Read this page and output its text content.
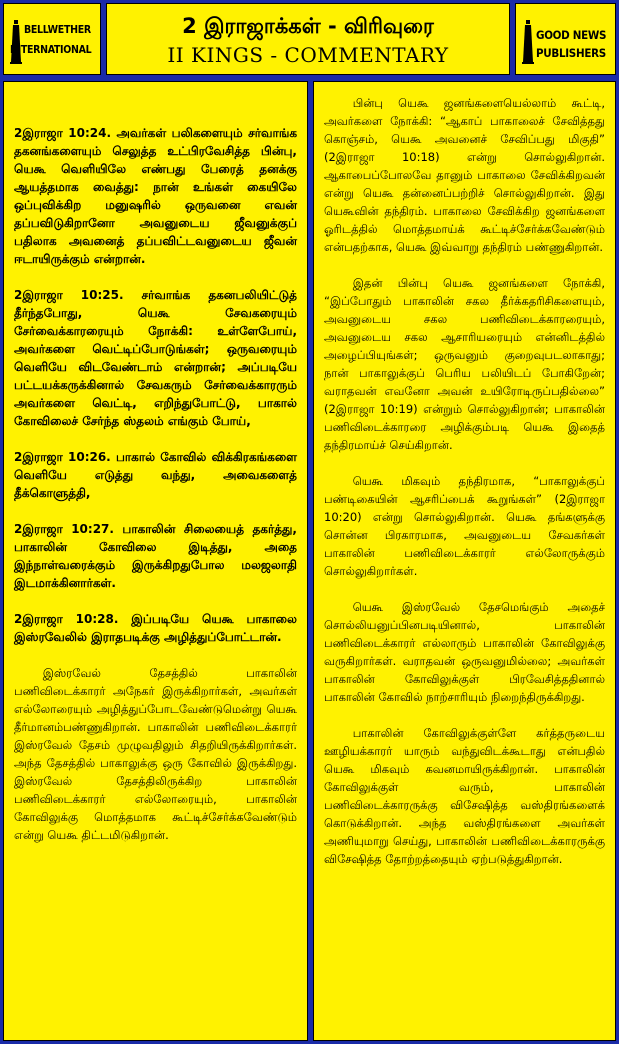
BELLWETHER
INTERNATIONAL
2 இராஜாக்கள் - விரிவுரை
II KINGS - COMMENTARY
GOOD NEWS
PUBLISHERS

2இராஜா 10:24. அவர்கள் பலிகளையும் சர்வாங்க தகனங்களையும் செலுத்த உட்பிரவேசித்த பின்பு, யெகூ வெளியிலே எண்பது பேரைத் தனக்கு ஆயத்தமாக வைத்து: நான் உங்கள் கையிலே ஒப்புவிக்கிற மனுஷரில் ஒருவனை எவன் தப்பவிடுகிறானோ அவனுடைய ஜீவனுக்குப் பதிலாக அவனைத் தப்பவிட்டவனுடைய ஜீவன் ஈடாயிருக்கும் என்றான்.

2இராஜா 10:25. சர்வாங்க தகனபலியிட்டுத் தீர்ந்தபோது, யெகூ சேவகரையும் சேர்வைக்காரரையும் நோக்கி: உள்ளேபோய், அவர்களை வெட்டிப்போடுங்கள்; ஒருவரையும் வெளியே விடவேண்டாம் என்றான்; அப்படியே பட்டயக்கருக்கினால் சேவகரும் சேர்வைக்காரரும் அவர்களை வெட்டி, எறிந்துபோட்டு, பாகால் கோவிலைச் சேர்ந்த ஸ்தலம் எங்கும் போய்,

2இராஜா 10:26. பாகால் கோவில் விக்கிரகங்களை வெளியே எடுத்து வந்து, அவைகளைத் தீக்கொளுத்தி,

2இராஜா 10:27. பாகாலின் சிலையைத் தகர்த்து, பாகாலின் கோவிலை இடித்து, அதை இந்நாள்வரைக்கும் இருக்கிறதுபோல மலஜலாதி இடமாக்கினார்கள்.

2இராஜா 10:28. இப்படியே யெகூ பாகாலை இஸ்ரவேலில் இராதபடிக்கு அழித்துப்போட்டான்.

இஸ்ரவேல் தேசத்தில் பாகாலின் பணிவிடைக்காரர் அநேகர் இருக்கிறார்கள், அவர்கள் எல்லோரையும் அழித்துப்போடவேண்டுமென்று யெகூ தீர்மானம்பண்ணுகிறான். பாகாலின் பணிவிடைக்காரர் இஸ்ரவேல் தேசம் முழுவதிலும் சிதறியிருக்கிறார்கள். அந்த தேசத்தில் பாகாலுக்கு ஒரு கோவில் இருக்கிறது. இஸ்ரவேல் தேசத்திலிருக்கிற பாகாலின் பணிவிடைக்காரர் எல்லோரையும், பாகாலின் கோவிலுக்கு மொத்தமாக கூட்டிச்சேர்க்கவேண்டும் என்று யெகூ திட்டமிடுகிறான்.

பின்பு யெகூ ஜனங்களையெல்லாம் கூட்டி, அவர்களை நோக்கி: “ஆகாப் பாகாலைச் சேவித்தது கொஞ்சம், யெகூ அவனைச் சேவிப்பது மிகுதி” (2இராஜா 10:18) என்று சொல்லுகிறான். ஆகாபைப்போலவே தானும் பாகாலை சேவிக்கிறவன் என்று யெகூ தன்னைப்பற்றிச் சொல்லுகிறான். இது யெகூவின் தந்திரம். பாகாலை சேவிக்கிற ஜனங்களை ஓரிடத்தில் மொத்தமாய்க் கூட்டிச்சேர்க்கவேண்டும் என்பதற்காக, யெகூ இவ்வாறு தந்திரம் பண்ணுகிறான்.

இதன் பின்பு யெகூ ஜனங்களை நோக்கி, “இப்போதும் பாகாலின் சகல தீர்க்கதரிசிகளையும், அவனுடைய சகல பணிவிடைக்காரரையும், அவனுடைய சகல ஆசாரியரையும் என்னிடத்தில் அழைப்பியுங்கள்; ஒருவனும் குறைவுபடலாகாது; நான் பாகாலுக்குப் பெரிய பலியிடப் போகிறேன்; வராதவன் எவனோ அவன் உயிரோடிருப்பதில்லை” (2இராஜா 10:19) என்றும் சொல்லுகிறான்; பாகாலின் பணிவிடைக்காரரை அழிக்கும்படி யெகூ இதைத் தந்திரமாய்ச் செய்கிறான்.

யெகூ மிகவும் தந்திரமாக, “பாகாலுக்குப் பண்டிகையின் ஆசரிப்பைக் கூறுங்கள்” (2இராஜா 10:20) என்று சொல்லுகிறான். யெகூ தங்களுக்கு சொன்ன பிரகாரமாக, அவனுடைய சேவகர்கள் பாகாலின் பணிவிடைக்காரர் எல்லோருக்கும் சொல்லுகிறார்கள்.

யெகூ இஸ்ரவேல் தேசமெங்கும் அதைச் சொல்லியனுப்பினபடியினால், பாகாலின் பணிவிடைக்காரர் எல்லாரும் பாகாலின் கோவிலுக்கு வருகிறார்கள். வராதவன் ஒருவனுமில்லை; அவர்கள் பாகாலின் கோவிலுக்குள் பிரவேசித்ததினால் பாகாலின் கோவில் நாற்சாரியும் நிறைந்திருக்கிறது.

பாகாலின் கோவிலுக்குள்ளே கர்த்தருடைய ஊழியக்காரர் யாரும் வந்துவிடக்கூடாது என்பதில் யெகூ மிகவும் கவனமாயிருக்கிறான். பாகாலின் கோவிலுக்குள் வரும், பாகாலின் பணிவிடைக்காரருக்கு விசேஷித்த வஸ்திரங்களைக் கொடுக்கிறான். அந்த வஸ்திரங்களை அவர்கள் அணியுமாறு செய்து, பாகாலின் பணிவிடைக்காரருக்கு விசேஷித்த தோற்றத்தையும் ஏற்படுத்துகிறான்.
